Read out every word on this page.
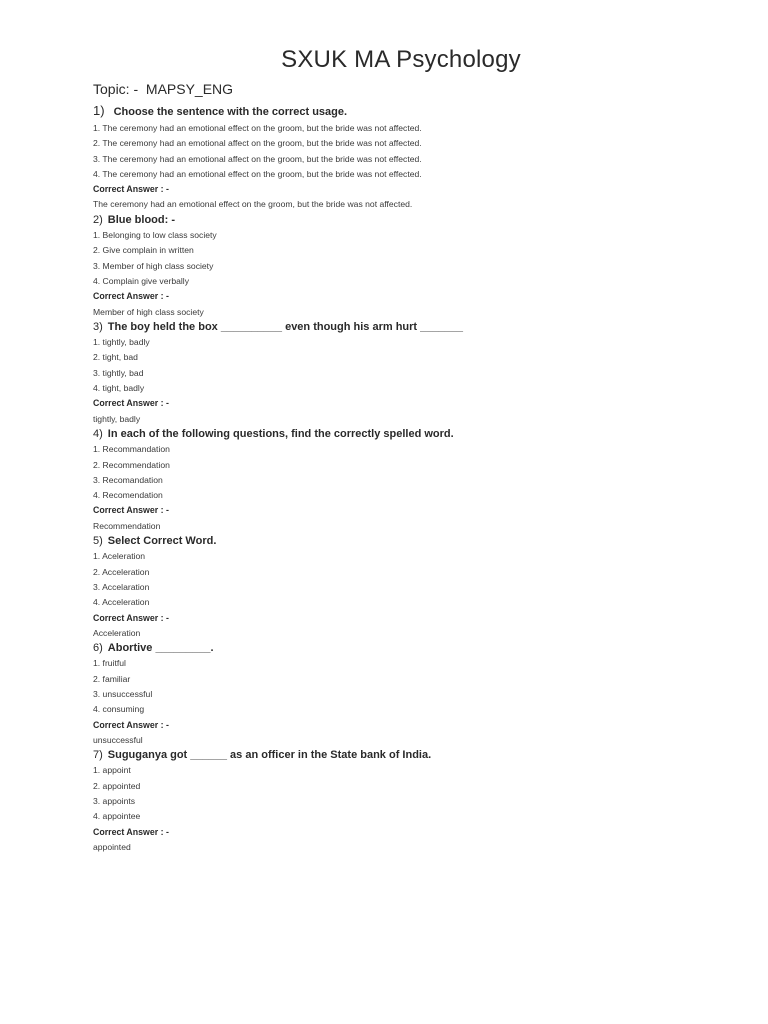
SXUK MA Psychology
Topic: - MAPSY_ENG
1) Choose the sentence with the correct usage.
1. The ceremony had an emotional effect on the groom, but the bride was not affected.
2. The ceremony had an emotional affect on the groom, but the bride was not affected.
3. The ceremony had an emotional affect on the groom, but the bride was not effected.
4. The ceremony had an emotional effect on the groom, but the bride was not effected.
Correct Answer : -
The ceremony had an emotional effect on the groom, but the bride was not affected.
2) Blue blood: -
1. Belonging to low class society
2. Give complain in written
3. Member of high class society
4. Complain give verbally
Correct Answer : -
Member of high class society
3) The boy held the box __________ even though his arm hurt _______
1. tightly, badly
2. tight, bad
3. tightly, bad
4. tight, badly
Correct Answer : -
tightly, badly
4) In each of the following questions, find the correctly spelled word.
1. Recommandation
2. Recommendation
3. Recomandation
4. Recomendation
Correct Answer : -
Recommendation
5) Select Correct Word.
1. Aceleration
2. Acceleration
3. Accelaration
4. Acceleration
Correct Answer : -
Acceleration
6) Abortive _________.
1. fruitful
2. familiar
3. unsuccessful
4. consuming
Correct Answer : -
unsuccessful
7) Suguganya got ______ as an officer in the State bank of India.
1. appoint
2. appointed
3. appoints
4. appointee
Correct Answer : -
appointed
